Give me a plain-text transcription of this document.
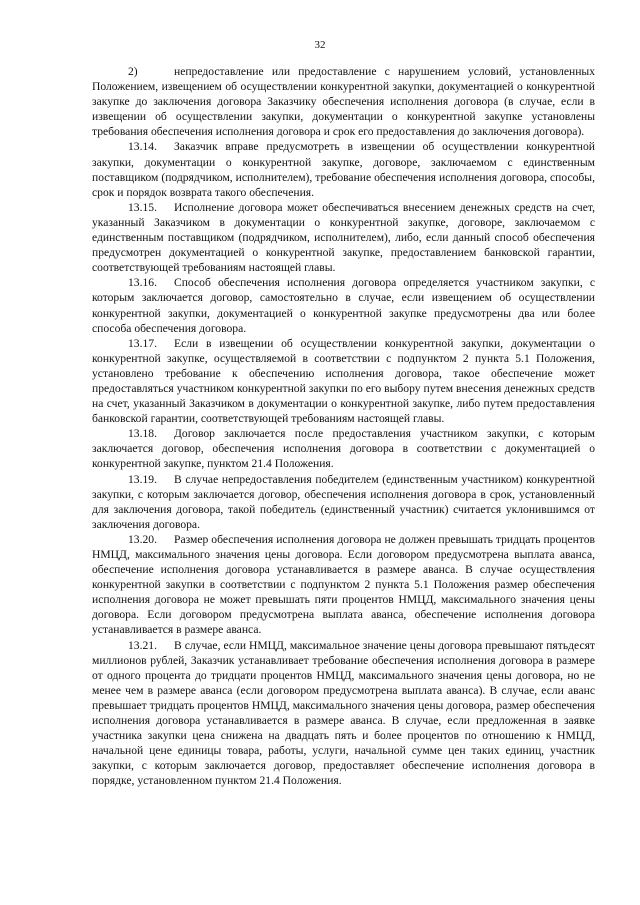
32

2)	непредоставление или предоставление с нарушением условий, установленных Положением, извещением об осуществлении конкурентной закупки, документацией о конкурентной закупке до заключения договора Заказчику обеспечения исполнения договора (в случае, если в извещении об осуществлении закупки, документации о конкурентной закупке установлены требования обеспечения исполнения договора и срок его предоставления до заключения договора).

13.14. Заказчик вправе предусмотреть в извещении об осуществлении конкурентной закупки, документации о конкурентной закупке, договоре, заключаемом с единственным поставщиком (подрядчиком, исполнителем), требование обеспечения исполнения договора, способы, срок и порядок возврата такого обеспечения.

13.15. Исполнение договора может обеспечиваться внесением денежных средств на счет, указанный Заказчиком в документации о конкурентной закупке, договоре, заключаемом с единственным поставщиком (подрядчиком, исполнителем), либо, если данный способ обеспечения предусмотрен документацией о конкурентной закупке, предоставлением банковской гарантии, соответствующей требованиям настоящей главы.

13.16. Способ обеспечения исполнения договора определяется участником закупки, с которым заключается договор, самостоятельно в случае, если извещением об осуществлении конкурентной закупки, документацией о конкурентной закупке предусмотрены два или более способа обеспечения договора.

13.17. Если в извещении об осуществлении конкурентной закупки, документации о конкурентной закупке, осуществляемой в соответствии с подпунктом 2 пункта 5.1 Положения, установлено требование к обеспечению исполнения договора, такое обеспечение может предоставляться участником конкурентной закупки по его выбору путем внесения денежных средств на счет, указанный Заказчиком в документации о конкурентной закупке, либо путем предоставления банковской гарантии, соответствующей требованиям настоящей главы.

13.18. Договор заключается после предоставления участником закупки, с которым заключается договор, обеспечения исполнения договора в соответствии с документацией о конкурентной закупке, пунктом 21.4 Положения.

13.19. В случае непредоставления победителем (единственным участником) конкурентной закупки, с которым заключается договор, обеспечения исполнения договора в срок, установленный для заключения договора, такой победитель (единственный участник) считается уклонившимся от заключения договора.

13.20. Размер обеспечения исполнения договора не должен превышать тридцать процентов НМЦД, максимального значения цены договора. Если договором предусмотрена выплата аванса, обеспечение исполнения договора устанавливается в размере аванса. В случае осуществления конкурентной закупки в соответствии с подпунктом 2 пункта 5.1 Положения размер обеспечения исполнения договора не может превышать пяти процентов НМЦД, максимального значения цены договора. Если договором предусмотрена выплата аванса, обеспечение исполнения договора устанавливается в размере аванса.

13.21. В случае, если НМЦД, максимальное значение цены договора превышают пятьдесят миллионов рублей, Заказчик устанавливает требование обеспечения исполнения договора в размере от одного процента до тридцати процентов НМЦД, максимального значения цены договора, но не менее чем в размере аванса (если договором предусмотрена выплата аванса). В случае, если аванс превышает тридцать процентов НМЦД, максимального значения цены договора, размер обеспечения исполнения договора устанавливается в размере аванса. В случае, если предложенная в заявке участника закупки цена снижена на двадцать пять и более процентов по отношению к НМЦД, начальной цене единицы товара, работы, услуги, начальной сумме цен таких единиц, участник закупки, с которым заключается договор, предоставляет обеспечение исполнения договора в порядке, установленном пунктом 21.4 Положения.
